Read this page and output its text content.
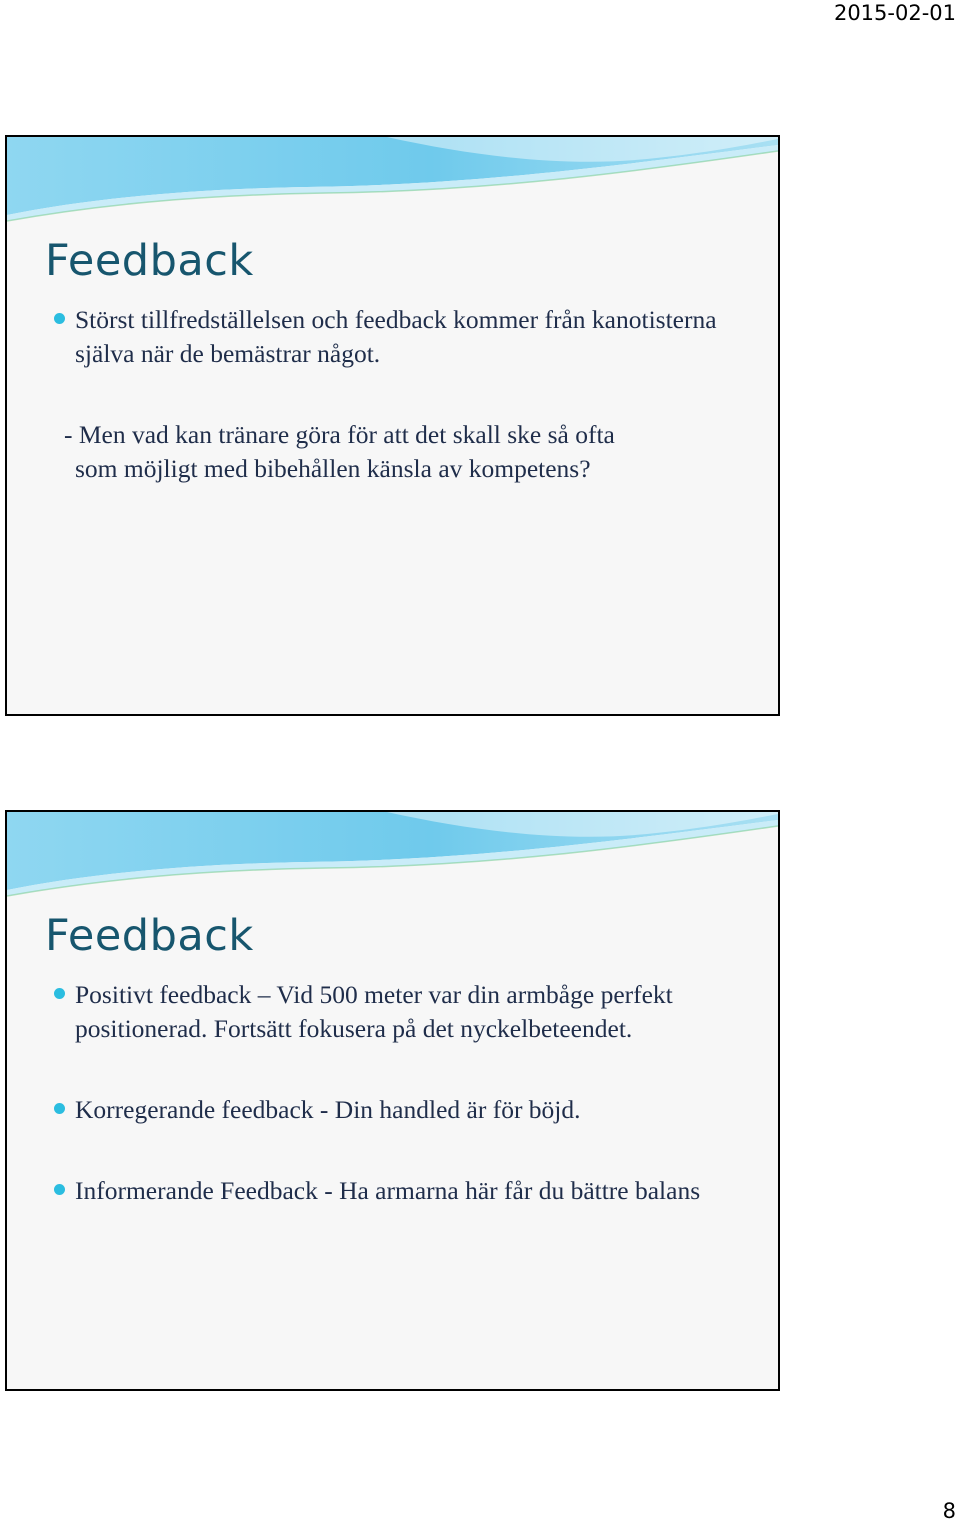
2015-02-01
Feedback
Störst tillfredställelsen och feedback kommer från kanotisterna själva när de bemästrar något.
- Men vad kan tränare göra för att det skall ske så ofta
som möjligt med bibehållen känsla av kompetens?
Feedback
Positivt feedback – Vid 500 meter var din armbåge perfekt positionerad. Fortsätt fokusera på det nyckelbeteendet.
Korregerande feedback - Din handled är för böjd.
Informerande Feedback - Ha armarna här får du bättre balans
8
